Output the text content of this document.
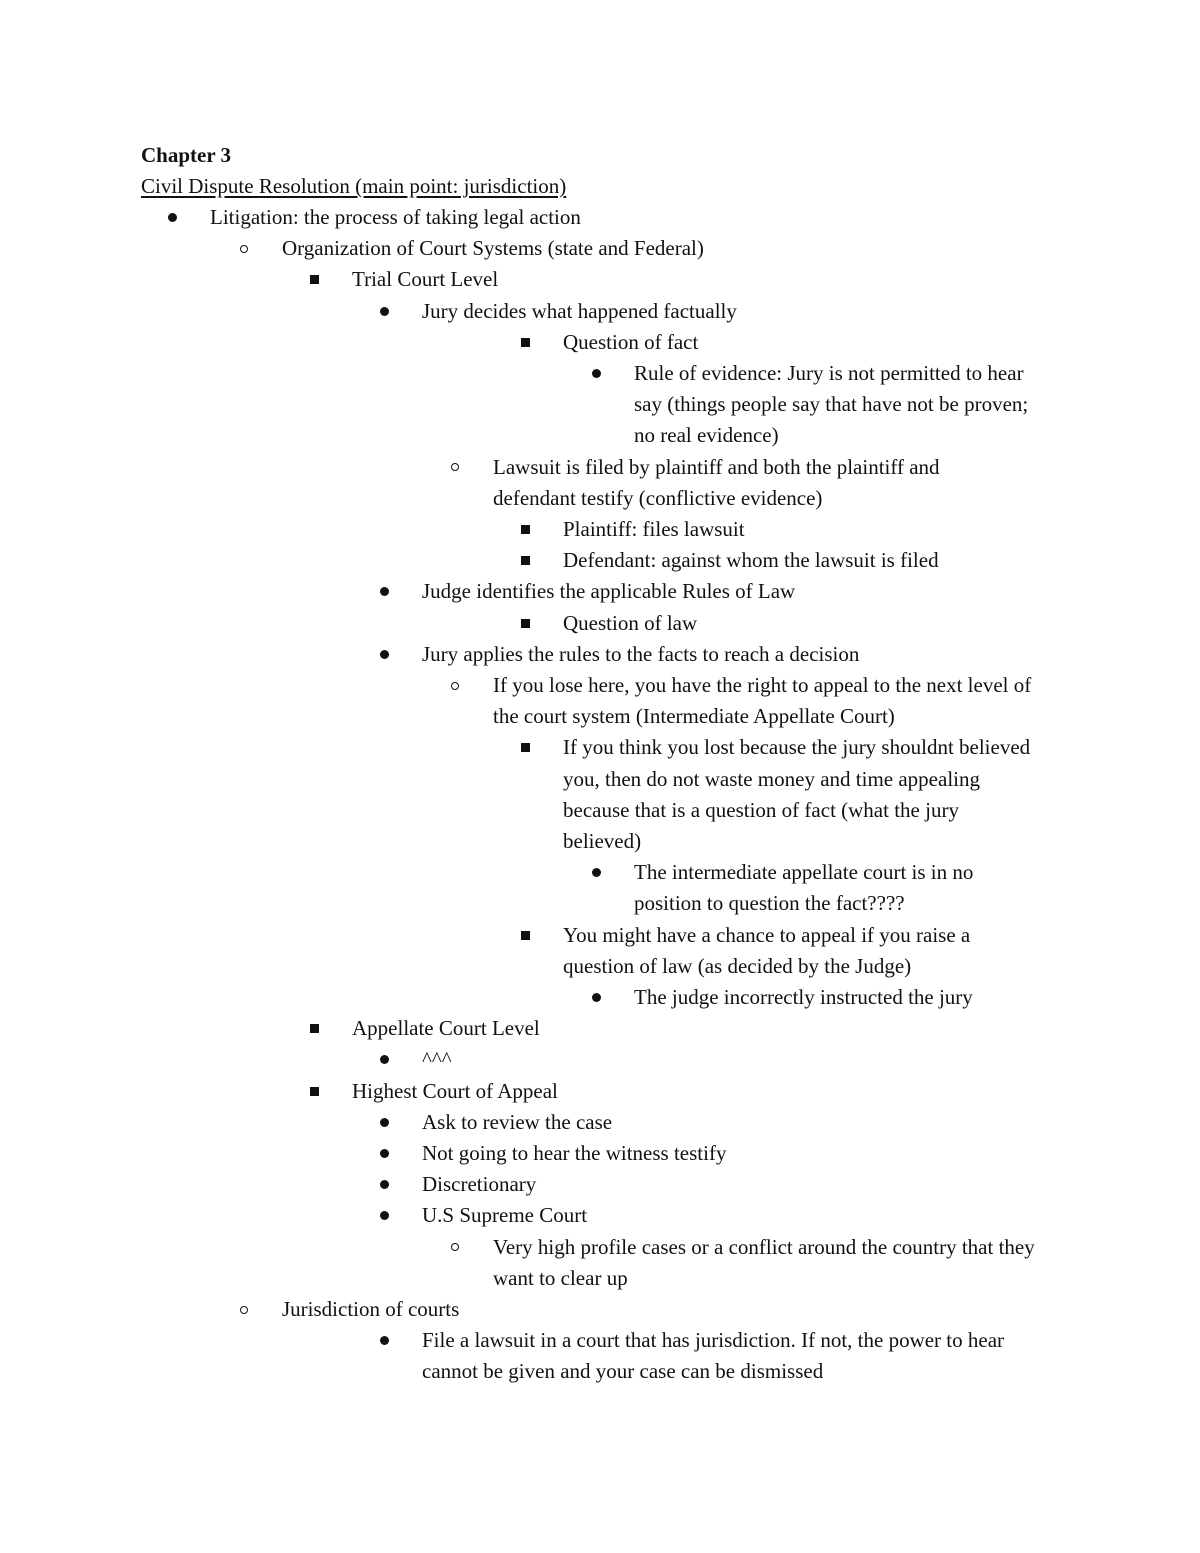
Chapter 3
Civil Dispute Resolution (main point: jurisdiction)
Litigation: the process of taking legal action
Organization of Court Systems (state and Federal)
Trial Court Level
Jury decides what happened factually
Question of fact
Rule of evidence: Jury is not permitted to hear say (things people say that have not be proven; no real evidence)
Lawsuit is filed by plaintiff and both the plaintiff and defendant testify (conflictive evidence)
Plaintiff: files lawsuit
Defendant: against whom the lawsuit is filed
Judge identifies the applicable Rules of Law
Question of law
Jury applies the rules to the facts to reach a decision
If you lose here, you have the right to appeal to the next level of the court system (Intermediate Appellate Court)
If you think you lost because the jury shouldnt believed you, then do not waste money and time appealing because that is a question of fact (what the jury believed)
The intermediate appellate court is in no position to question the fact????
You might have a chance to appeal if you raise a question of law (as decided by the Judge)
The judge incorrectly instructed the jury
Appellate Court Level
^^^
Highest Court of Appeal
Ask to review the case
Not going to hear the witness testify
Discretionary
U.S Supreme Court
Very high profile cases or a conflict around the country that they want to clear up
Jurisdiction of courts
File a lawsuit in a court that has jurisdiction. If not, the power to hear cannot be given and your case can be dismissed
